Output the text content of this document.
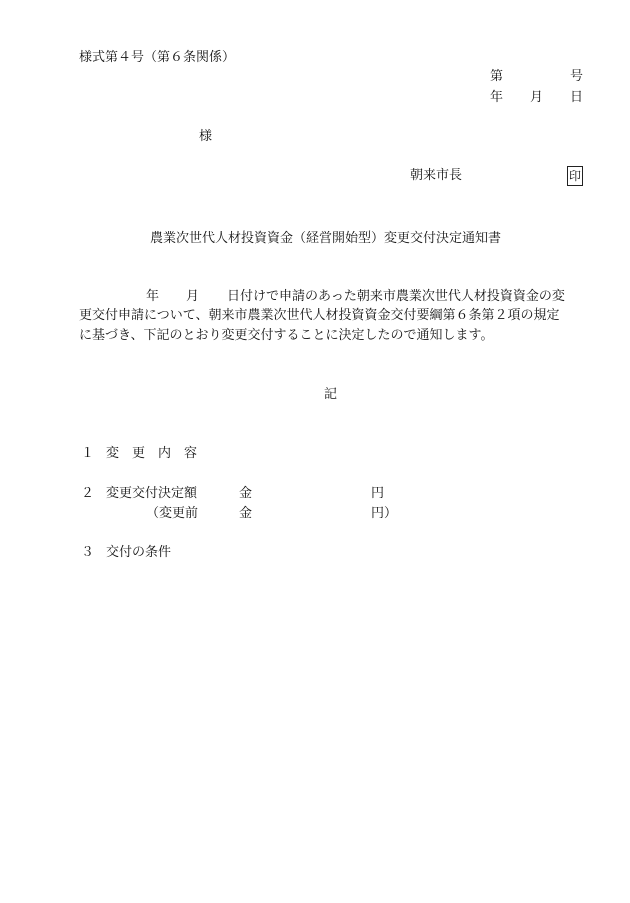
様式第４号（第６条関係）
第	号
年 月 日
様
朝来市長	印
農業次世代人材投資資金（経営開始型）変更交付決定通知書
年 月 日付けで申請のあった朝来市農業次世代人材投資資金の変
更交付申請について、朝来市農業次世代人材投資資金交付要綱第６条第２項の規定
に基づき、下記のとおり変更交付することに決定したので通知します。
記
１ 変　更　内　容
２ 変更交付決定額	金	円
（変更前	金	円）
３ 交付の条件
